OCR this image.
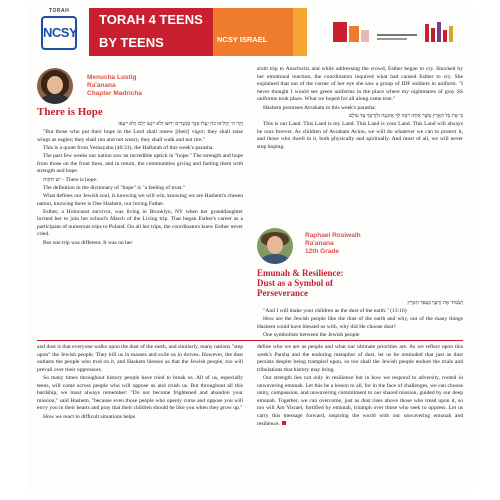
TORAH
NCSY
TORAH 4 TEENS
BY TEENS	NCSY ISRAEL
Menucha Lustig
Ra'anana
Chapter Madricha
There is Hope

וְקוֹי ה׳ יַחֲלִיפוּ כֹחַ יַעֲלוּ אֵבֶר כַּנְּשָׁרִים יָרוּצוּ וְלֹא יִיגָעוּ יֵלְכוּ וְלֹא יִיעָפוּ

"But those who put their hope in the Lord shall renew [their] vigor; they shall raise wings as eagles; they shall run and not weary, they shall walk and not tire."

This is a quote from Yeshayahu (40:31), the Haftarah of this week's parasha.

The past few weeks our nation saw an incredible uptick in "hope." The strength and hope from those on the front lines, and in return, the communities giving and fueling them with strength and hope.

יש תקוה - There is hope.

The definition in the dictionary of "hope" is "a feeling of trust."

What defines our Jewish soul, is knowing we will win, knowing we are Hashem's chosen nation, knowing there is One Hashem, our loving Father.

Esther, a Holocaust survivor, was living in Brooklyn, NY when her granddaughter invited her to join her school's March of the Living trip. That began Esther's career as a participant of numerous trips to Poland. On all her trips, the coordinators knew Esther never cried.

But one trip was different. It was on her

sixth trip to Auschwitz and while addressing the crowd, Esther began to cry. Shocked by her emotional reaction, the coordinators inquired what had caused Esther to cry. She explained that out of the corner of her eye she saw a group of IDF soldiers in uniform. "I never thought I would see green uniforms in the place where my nightmares of gray SS uniforms took place. What we hoped for all along came true."

Hashem promises Avraham in this week's parasha:

כִּי אֶת כָּל הָאָרֶץ אֲשֶׁר אַתָּה רֹאֶה לְךָ אֶתְּנֶנָּה וּלְזַרְעֲךָ עַד עוֹלָם

This is our Land. This Land is my Land. This Land is your Land. This Land will always be ours forever. As children of Avraham Avinu, we will do whatever we can to protect it, and those who dwell in it, both physically and spiritually. And most of all, we will never stop hoping.

Raphael Rosiwalh
Ra'anana
12th Grade
Emunah & Resilience:
Dust as a Symbol of
Perseverance

וְשַׂמְתִּי אֶת זַרְעֲךָ כַּעֲפַר הָאָרֶץ

"And I will make your children as the dust of the earth." (13:16)

How are the Jewish people like the dust of the earth and why, out of the many things Hashem could have blessed us with, why did He choose dust?

One symbolism between the Jewish people

and dust is that everyone walks upon the dust of the earth, and similarly, many nations "step upon" the Jewish people. They kill us in masses and exile us in droves. However, the dust outlasts the people who trod on it, and Hashem blesses us that the Jewish people, too will prevail over their oppressors.

So many times throughout history people have tried to break us. All of us, especially teens, will come across people who will oppose us and crush us. But throughout all this hardship, we must always remember: "Do not become frightened and abandon your mission," said Hashem, "because even those people who openly curse and oppose you will envy you in their hearts and pray that their children should be like you when they grow up."

How we react to difficult situations helps

define who we are as people and what our ultimate priorities are. As we reflect upon this week's Parsha and the enduring metaphor of dust, let us be reminded that just as dust persists despite being trampled upon, so too shall the Jewish people endure the trials and tribulations that history may bring.

Our strength lies not only in resilience but in how we respond to adversity, rooted in unwavering emunah. Let this be a lesson to all, for in the face of challenges, we can choose unity, compassion, and unwavering commitment to our shared mission, guided by our deep emunah. Together, we can overcome, just as dust rises above those who tread upon it, so too will Am Yisrael, fortified by emunah, triumph over those who seek to oppress. Let us carry this message forward, inspiring the world with our unwavering emunah and resilience.
